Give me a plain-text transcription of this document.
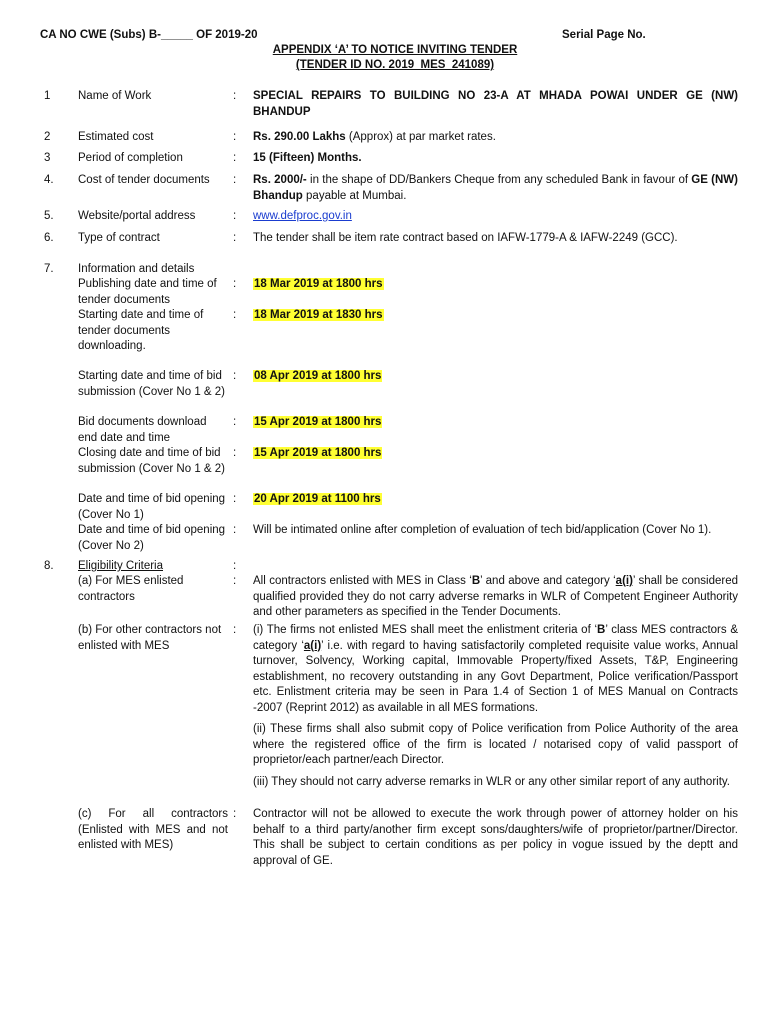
CA NO CWE (Subs) B-_____ OF 2019-20	Serial Page No.
APPENDIX ‘A’ TO NOTICE INVITING TENDER
(TENDER ID NO. 2019_MES_241089)
1 Name of Work	: SPECIAL REPAIRS TO BUILDING NO 23-A AT MHADA POWAI UNDER GE (NW) BHANDUP
2 Estimated cost	: Rs. 290.00 Lakhs (Approx) at par market rates.
3 Period of completion	: 15 (Fifteen) Months.
4. Cost of tender documents	: Rs. 2000/- in the shape of DD/Bankers Cheque from any scheduled Bank in favour of GE (NW) Bhandup payable at Mumbai.
5. Website/portal address	: www.defproc.gov.in
6. Type of contract	: The tender shall be item rate contract based on IAFW-1779-A & IAFW-2249 (GCC).
7. Information and details
Publishing date and time of tender documents
: 18 Mar 2019 at 1800 hrs
Starting date and time of tender documents downloading.
: 18 Mar 2019 at 1830 hrs
Starting date and time of bid submission (Cover No 1 & 2)
: 08 Apr 2019 at 1800 hrs
Bid documents download end date and time
: 15 Apr 2019 at 1800 hrs
Closing date and time of bid submission (Cover No 1 & 2)
: 15 Apr 2019 at 1800 hrs
Date and time of bid opening (Cover No 1)
: 20 Apr 2019 at 1100 hrs
Date and time of bid opening (Cover No 2)
: Will be intimated online after completion of evaluation of tech bid/application (Cover No 1).
8. Eligibility Criteria	:
(a) For MES enlisted contractors
: All contractors enlisted with MES in Class ‘B’ and above and category ‘a(i)’ shall be considered qualified provided they do not carry adverse remarks in WLR of Competent Engineer Authority and other parameters as specified in the Tender Documents.
(b) For other contractors not enlisted with MES
: (i) The firms not enlisted MES shall meet the enlistment criteria of ‘B’ class MES contractors & category ‘a(i)’ i.e. with regard to having satisfactorily completed requisite value works, Annual turnover, Solvency, Working capital, Immovable Property/fixed Assets, T&P, Engineering establishment, no recovery outstanding in any Govt Department, Police verification/Passport etc. Enlistment criteria may be seen in Para 1.4 of Section 1 of MES Manual on Contracts -2007 (Reprint 2012) as available in all MES formations.

(ii) These firms shall also submit copy of Police verification from Police Authority of the area where the registered office of the firm is located / notarised copy of valid passport of proprietor/each partner/each Director.

(iii) They should not carry adverse remarks in WLR or any other similar report of any authority.

(c) For all contractors (Enlisted with MES and not enlisted with MES)
: Contractor will not be allowed to execute the work through power of attorney holder on his behalf to a third party/another firm except sons/daughters/wife of proprietor/partner/Director. This shall be subject to certain conditions as per policy in vogue issued by the deptt and approval of GE.
